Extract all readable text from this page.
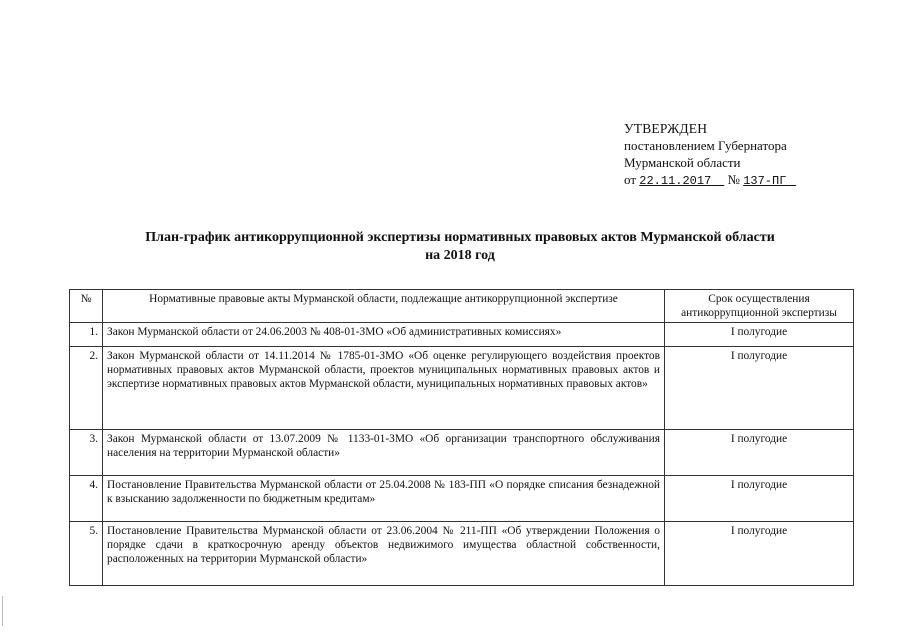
УТВЕРЖДЕН
постановлением Губернатора
Мурманской области
от 22.11.2017 № 137-ПГ
План-график антикоррупционной экспертизы нормативных правовых актов Мурманской области
на 2018 год
№	Нормативные правовые акты Мурманской области, подлежащие антикоррупционной экспертизе	Срок осуществления антикоррупционной экспертизы
1.	Закон Мурманской области от 24.06.2003 № 408-01-ЗМО «Об административных комиссиях»	I полугодие
2.	Закон Мурманской области от 14.11.2014 № 1785-01-ЗМО «Об оценке регулирующего воздействия проектов нормативных правовых актов Мурманской области, проектов муниципальных нормативных правовых актов и экспертизе нормативных правовых актов Мурманской области, муниципальных нормативных правовых актов»	I полугодие
3.	Закон Мурманской области от 13.07.2009 № 1133-01-ЗМО «Об организации транспортного обслуживания населения на территории Мурманской области»	I полугодие
4.	Постановление Правительства Мурманской области от 25.04.2008 № 183-ПП «О порядке списания безнадежной к взысканию задолженности по бюджетным кредитам»	I полугодие
5.	Постановление Правительства Мурманской области от 23.06.2004 № 211-ПП «Об утверждении Положения о порядке сдачи в краткосрочную аренду объектов недвижимого имущества областной собственности, расположенных на территории Мурманской области»	I полугодие
